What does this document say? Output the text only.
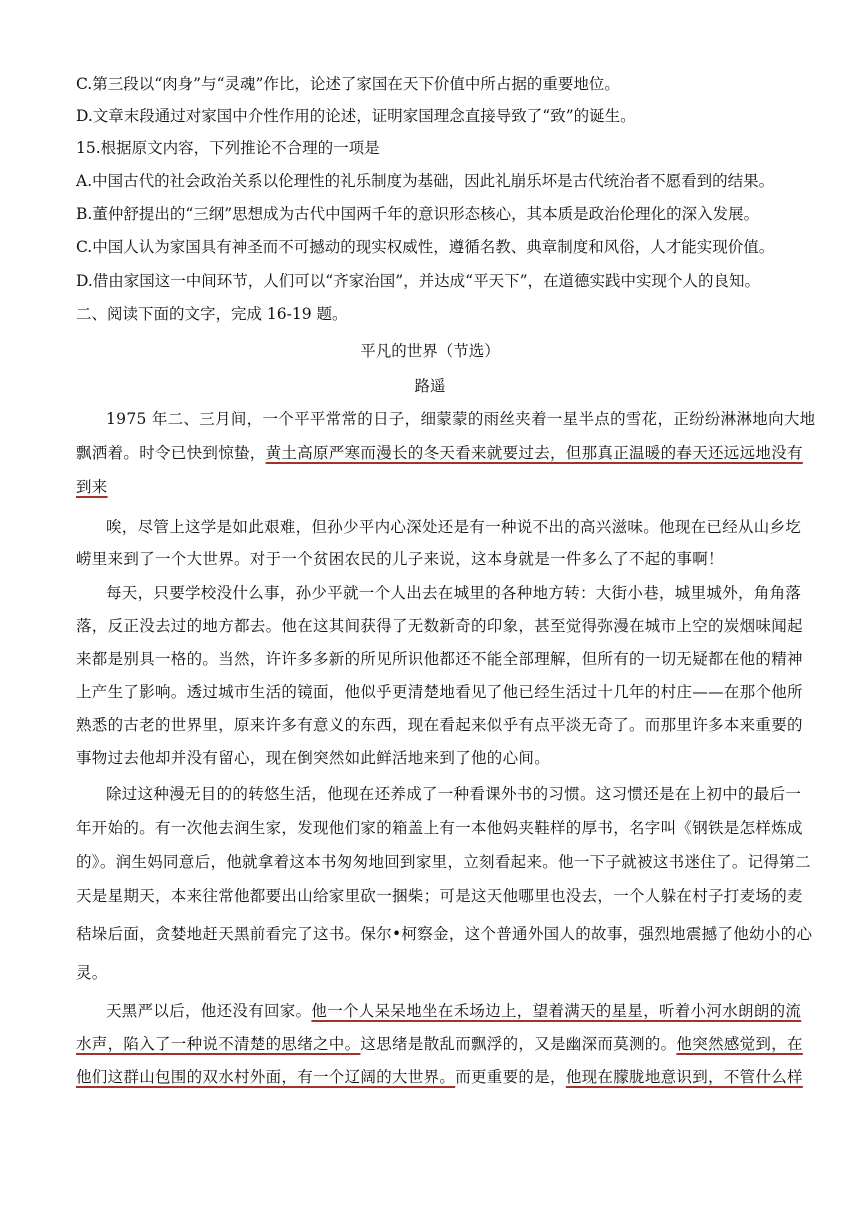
C.第三段以“肉身”与“灵魂”作比，论述了家国在天下价值中所占据的重要地位。
D.文章末段通过对家国中介性作用的论述，证明家国理念直接导致了“致”的诞生。
15.根据原文内容，下列推论不合理的一项是
A.中国古代的社会政治关系以伦理性的礼乐制度为基础，因此礼崩乐坏是古代统治者不愿看到的结果。
B.董仲舒提出的“三纲”思想成为古代中国两千年的意识形态核心，其本质是政治伦理化的深入发展。
C.中国人认为家国具有神圣而不可撼动的现实权威性，遵循名教、典章制度和风俗，人才能实现价值。
D.借由家国这一中间环节，人们可以“齐家治国”，并达成“平天下”，在道德实践中实现个人的良知。
二、阅读下面的文字，完成 16-19 题。
平凡的世界（节选）
路遥
1975 年二、三月间，一个平平常常的日子，细蒙蒙的雨丝夹着一星半点的雪花，正纷纷淋淋地向大地
飘洒着。时令已快到惊蛰，黄土高原严寒而漫长的冬天看来就要过去，但那真正温暖的春天还远远地没有
到来
唉，尽管上这学是如此艰难，但孙少平内心深处还是有一种说不出的高兴滋味。他现在已经从山乡圪
崂里来到了一个大世界。对于一个贫困农民的儿子来说，这本身就是一件多么了不起的事啊！
每天，只要学校没什么事，孙少平就一个人出去在城里的各种地方转：大街小巷，城里城外，角角落
落，反正没去过的地方都去。他在这其间获得了无数新奇的印象，甚至觉得弥漫在城市上空的炭烟味闻起
来都是别具一格的。当然，许许多多新的所见所识他都还不能全部理解，但所有的一切无疑都在他的精神
上产生了影响。透过城市生活的镜面，他似乎更清楚地看见了他已经生活过十几年的村庄——在那个他所
熟悉的古老的世界里，原来许多有意义的东西，现在看起来似乎有点平淡无奇了。而那里许多本来重要的
事物过去他却并没有留心，现在倒突然如此鲜活地来到了他的心间。
除过这种漫无目的的转悠生活，他现在还养成了一种看课外书的习惯。这习惯还是在上初中的最后一
年开始的。有一次他去润生家，发现他们家的箱盖上有一本他妈夹鞋样的厚书，名字叫《钢铁是怎样炼成
的》。润生妈同意后，他就拿着这本书匆匆地回到家里，立刻看起来。他一下子就被这书迷住了。记得第二
天是星期天，本来往常他都要出山给家里砍一捆柴；可是这天他哪里也没去，一个人躲在村子打麦场的麦
秸垛后面，贪婪地赶天黑前看完了这书。保尔•柯察金，这个普通外国人的故事，强烈地震撼了他幼小的心
灵。
天黑严以后，他还没有回家。他一个人呆呆地坐在禾场边上，望着满天的星星，听着小河水朗朗的流
水声，陷入了一种说不清楚的思绪之中。这思绪是散乱而飘浮的，又是幽深而莫测的。他突然感觉到，在
他们这群山包围的双水村外面，有一个辽阔的大世界。而更重要的是，他现在朦胧地意识到，不管什么样
